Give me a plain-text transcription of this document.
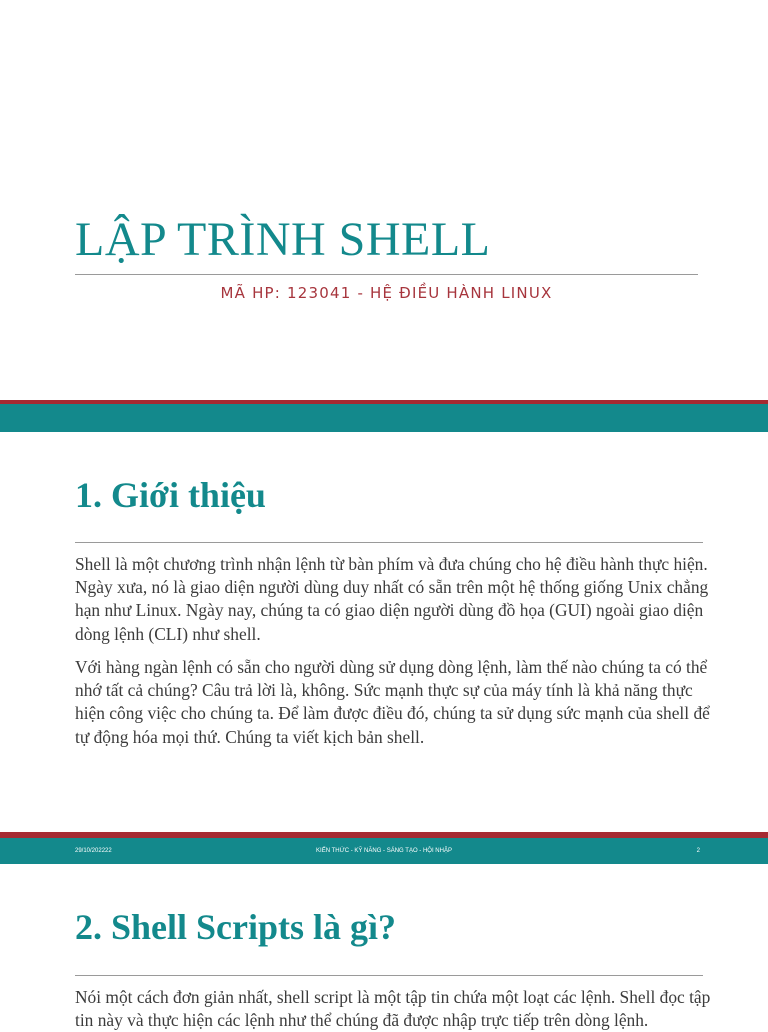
LẬP TRÌNH SHELL
MÃ HP: 123041 - HỆ ĐIỀU HÀNH LINUX
1. Giới thiệu

Shell là một chương trình nhận lệnh từ bàn phím và đưa chúng cho hệ điều hành thực hiện. Ngày xưa, nó là giao diện người dùng duy nhất có sẵn trên một hệ thống giống Unix chẳng hạn như Linux. Ngày nay, chúng ta có giao diện người dùng đồ họa (GUI) ngoài giao diện dòng lệnh (CLI) như shell.

Với hàng ngàn lệnh có sẵn cho người dùng sử dụng dòng lệnh, làm thế nào chúng ta có thể nhớ tất cả chúng? Câu trả lời là, không. Sức mạnh thực sự của máy tính là khả năng thực hiện công việc cho chúng ta. Để làm được điều đó, chúng ta sử dụng sức mạnh của shell để tự động hóa mọi thứ. Chúng ta viết kịch bản shell.

29/10/202222	KIẾN THỨC - KỸ NĂNG - SÁNG TẠO - HỘI NHẬP	2
2. Shell Scripts là gì?

Nói một cách đơn giản nhất, shell script là một tập tin chứa một loạt các lệnh. Shell đọc tập tin này và thực hiện các lệnh như thể chúng đã được nhập trực tiếp trên dòng lệnh.
